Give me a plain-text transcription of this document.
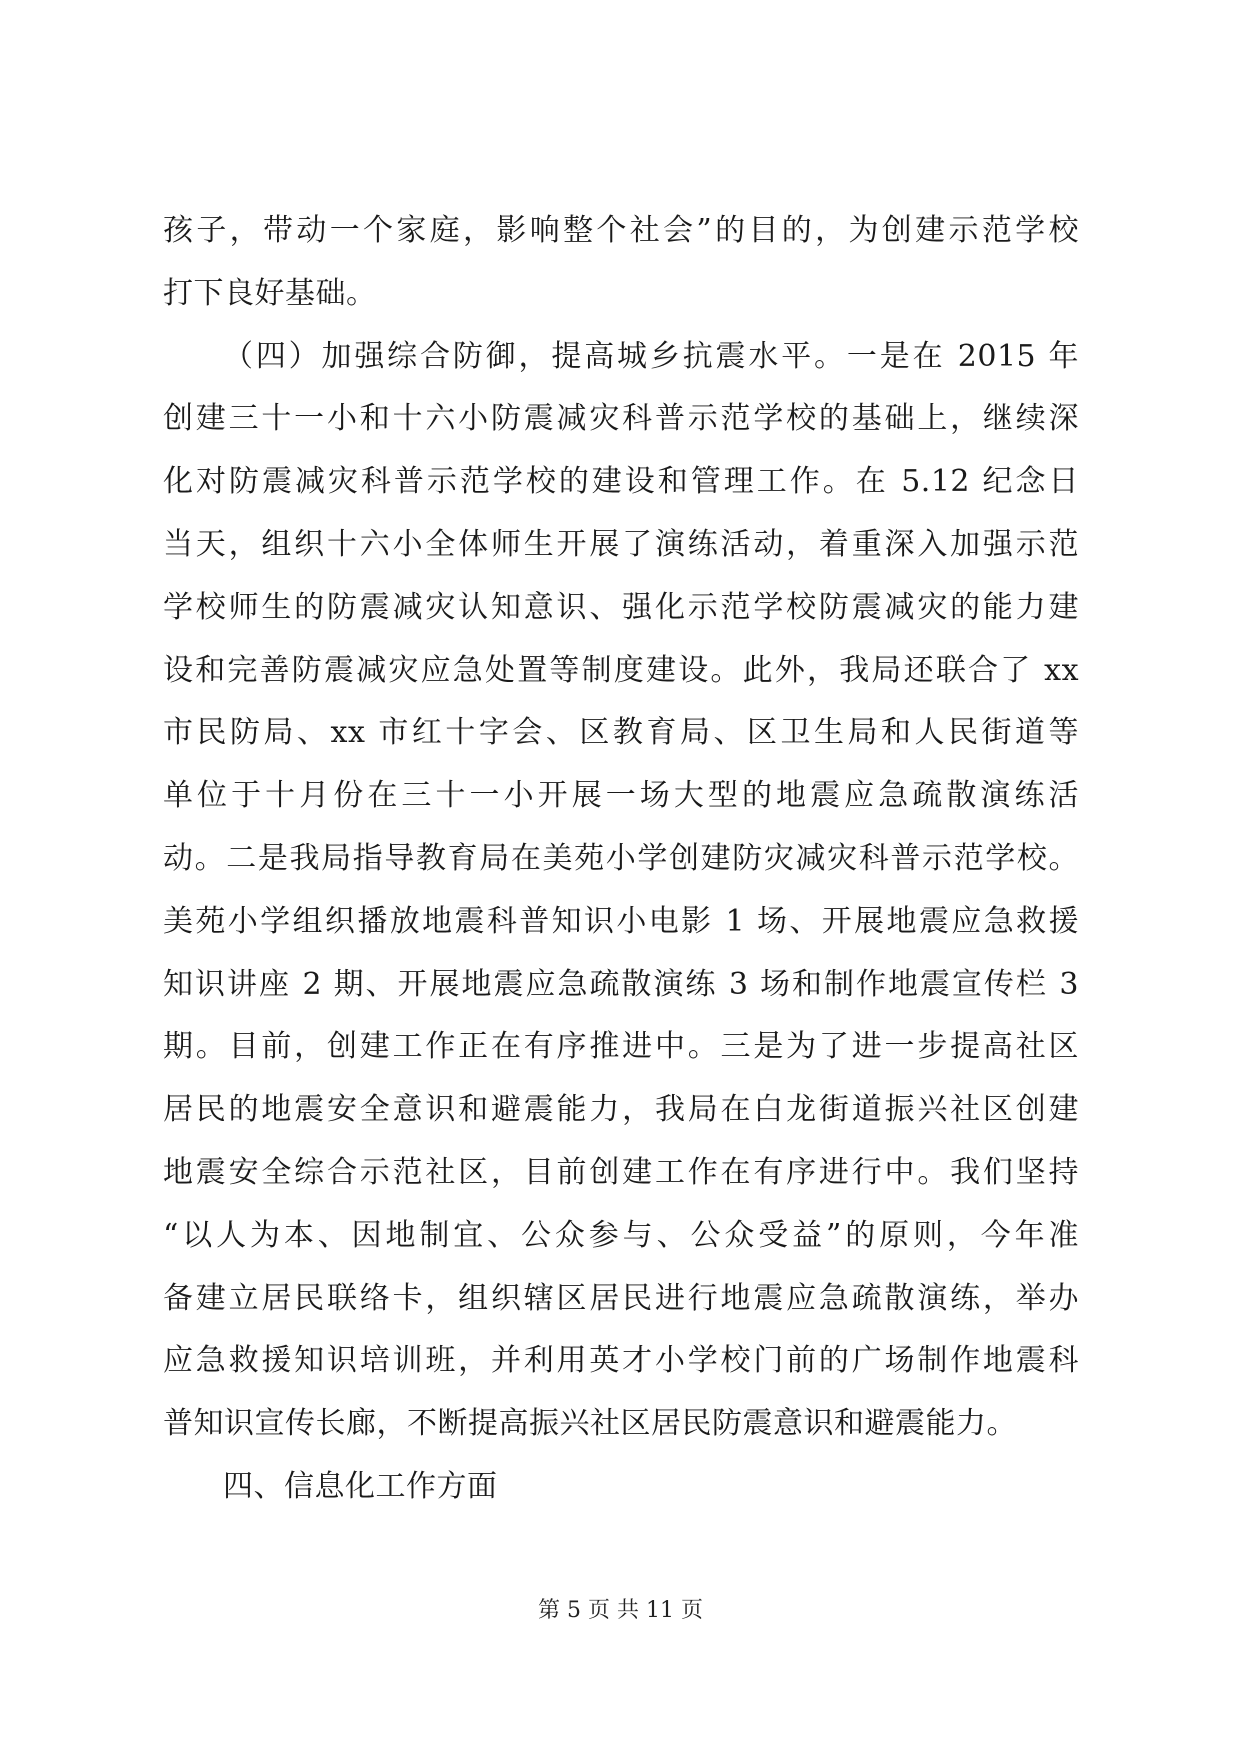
孩子，带动一个家庭，影响整个社会”的目的，为创建示范学校
打下良好基础。
（四）加强综合防御，提高城乡抗震水平。一是在 2015 年
创建三十一小和十六小防震减灾科普示范学校的基础上，继续深
化对防震减灾科普示范学校的建设和管理工作。在 5.12 纪念日
当天，组织十六小全体师生开展了演练活动，着重深入加强示范
学校师生的防震减灾认知意识、强化示范学校防震减灾的能力建
设和完善防震减灾应急处置等制度建设。此外，我局还联合了 xx
市民防局、xx 市红十字会、区教育局、区卫生局和人民街道等
单位于十月份在三十一小开展一场大型的地震应急疏散演练活
动。二是我局指导教育局在美苑小学创建防灾减灾科普示范学校。
美苑小学组织播放地震科普知识小电影 1 场、开展地震应急救援
知识讲座 2 期、开展地震应急疏散演练 3 场和制作地震宣传栏 3
期。目前，创建工作正在有序推进中。三是为了进一步提高社区
居民的地震安全意识和避震能力，我局在白龙街道振兴社区创建
地震安全综合示范社区，目前创建工作在有序进行中。我们坚持
“以人为本、因地制宜、公众参与、公众受益”的原则，今年准
备建立居民联络卡，组织辖区居民进行地震应急疏散演练，举办
应急救援知识培训班，并利用英才小学校门前的广场制作地震科
普知识宣传长廊，不断提高振兴社区居民防震意识和避震能力。
四、信息化工作方面
第 5 页 共 11 页
